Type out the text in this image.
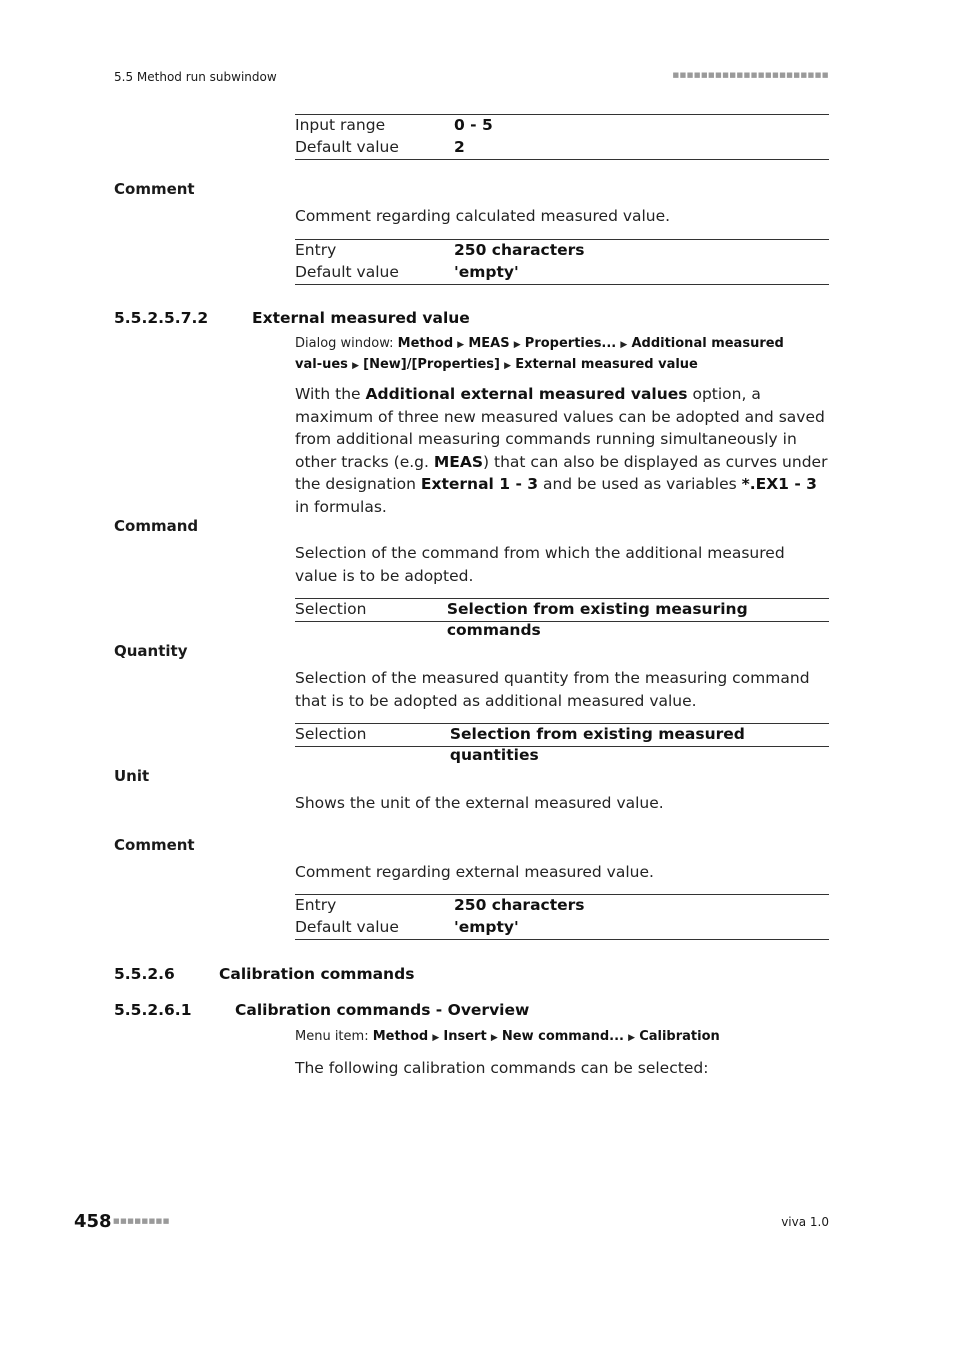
5.5 Method run subwindow	■■■■■■■■■■■■■■■■■■■■■■
Input range	0 - 5
Default value	2
Comment
Comment regarding calculated measured value.
Entry	250 characters
Default value	'empty'
5.5.2.5.7.2	External measured value
Dialog window: Method ▶ MEAS ▶ Properties... ▶ Additional measured val-ues ▶ [New]/[Properties] ▶ External measured value
With the Additional external measured values option, a maximum of three new measured values can be adopted and saved from additional measuring commands running simultaneously in other tracks (e.g. MEAS) that can also be displayed as curves under the designation External 1 - 3 and be used as variables *.EX1 - 3 in formulas.
Command
Selection of the command from which the additional measured value is to be adopted.
Selection	Selection from existing measuring commands
Quantity
Selection of the measured quantity from the measuring command that is to be adopted as additional measured value.
Selection	Selection from existing measured quantities
Unit
Shows the unit of the external measured value.
Comment
Comment regarding external measured value.
Entry	250 characters
Default value	'empty'
5.5.2.6	Calibration commands
5.5.2.6.1	Calibration commands - Overview
Menu item: Method ▶ Insert ▶ New command... ▶ Calibration
The following calibration commands can be selected:
458 ■■■■■■■■	viva 1.0
